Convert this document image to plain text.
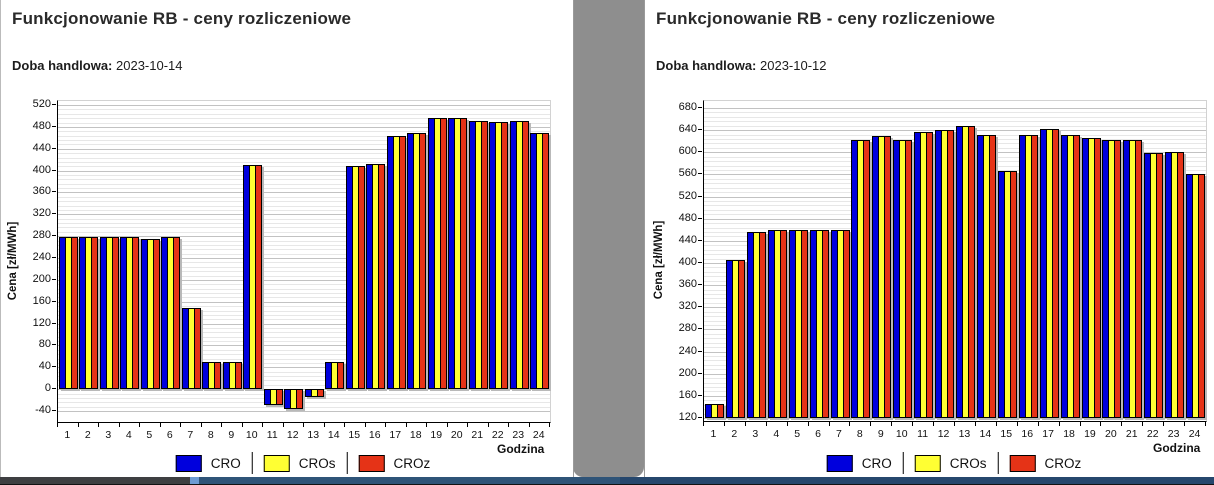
Funkcjonowanie RB - ceny rozliczeniowe

Doba handlowa: 2023-10-14

-40
0
40
80
120
160
200
240
280
320
360
400
440
480
520
1	2	3	4	5	6	7	8	9	10 11 12 13 14 15 16 17 18 19 20 21 22 23 24
Godzina
Cena [zł/MWh]
CRO	CROs	CROz
Funkcjonowanie RB - ceny rozliczeniowe

Doba handlowa: 2023-10-12

120
160
200
240
280
320
360
400
440
480
520
560
600
640
680
1	2	3	4	5	6	7	8	9	10 11 12 13 14 15 16 17 18 19 20 21 22 23 24
Godzina
Cena [zł/MWh]
CRO	CROs	CROz
